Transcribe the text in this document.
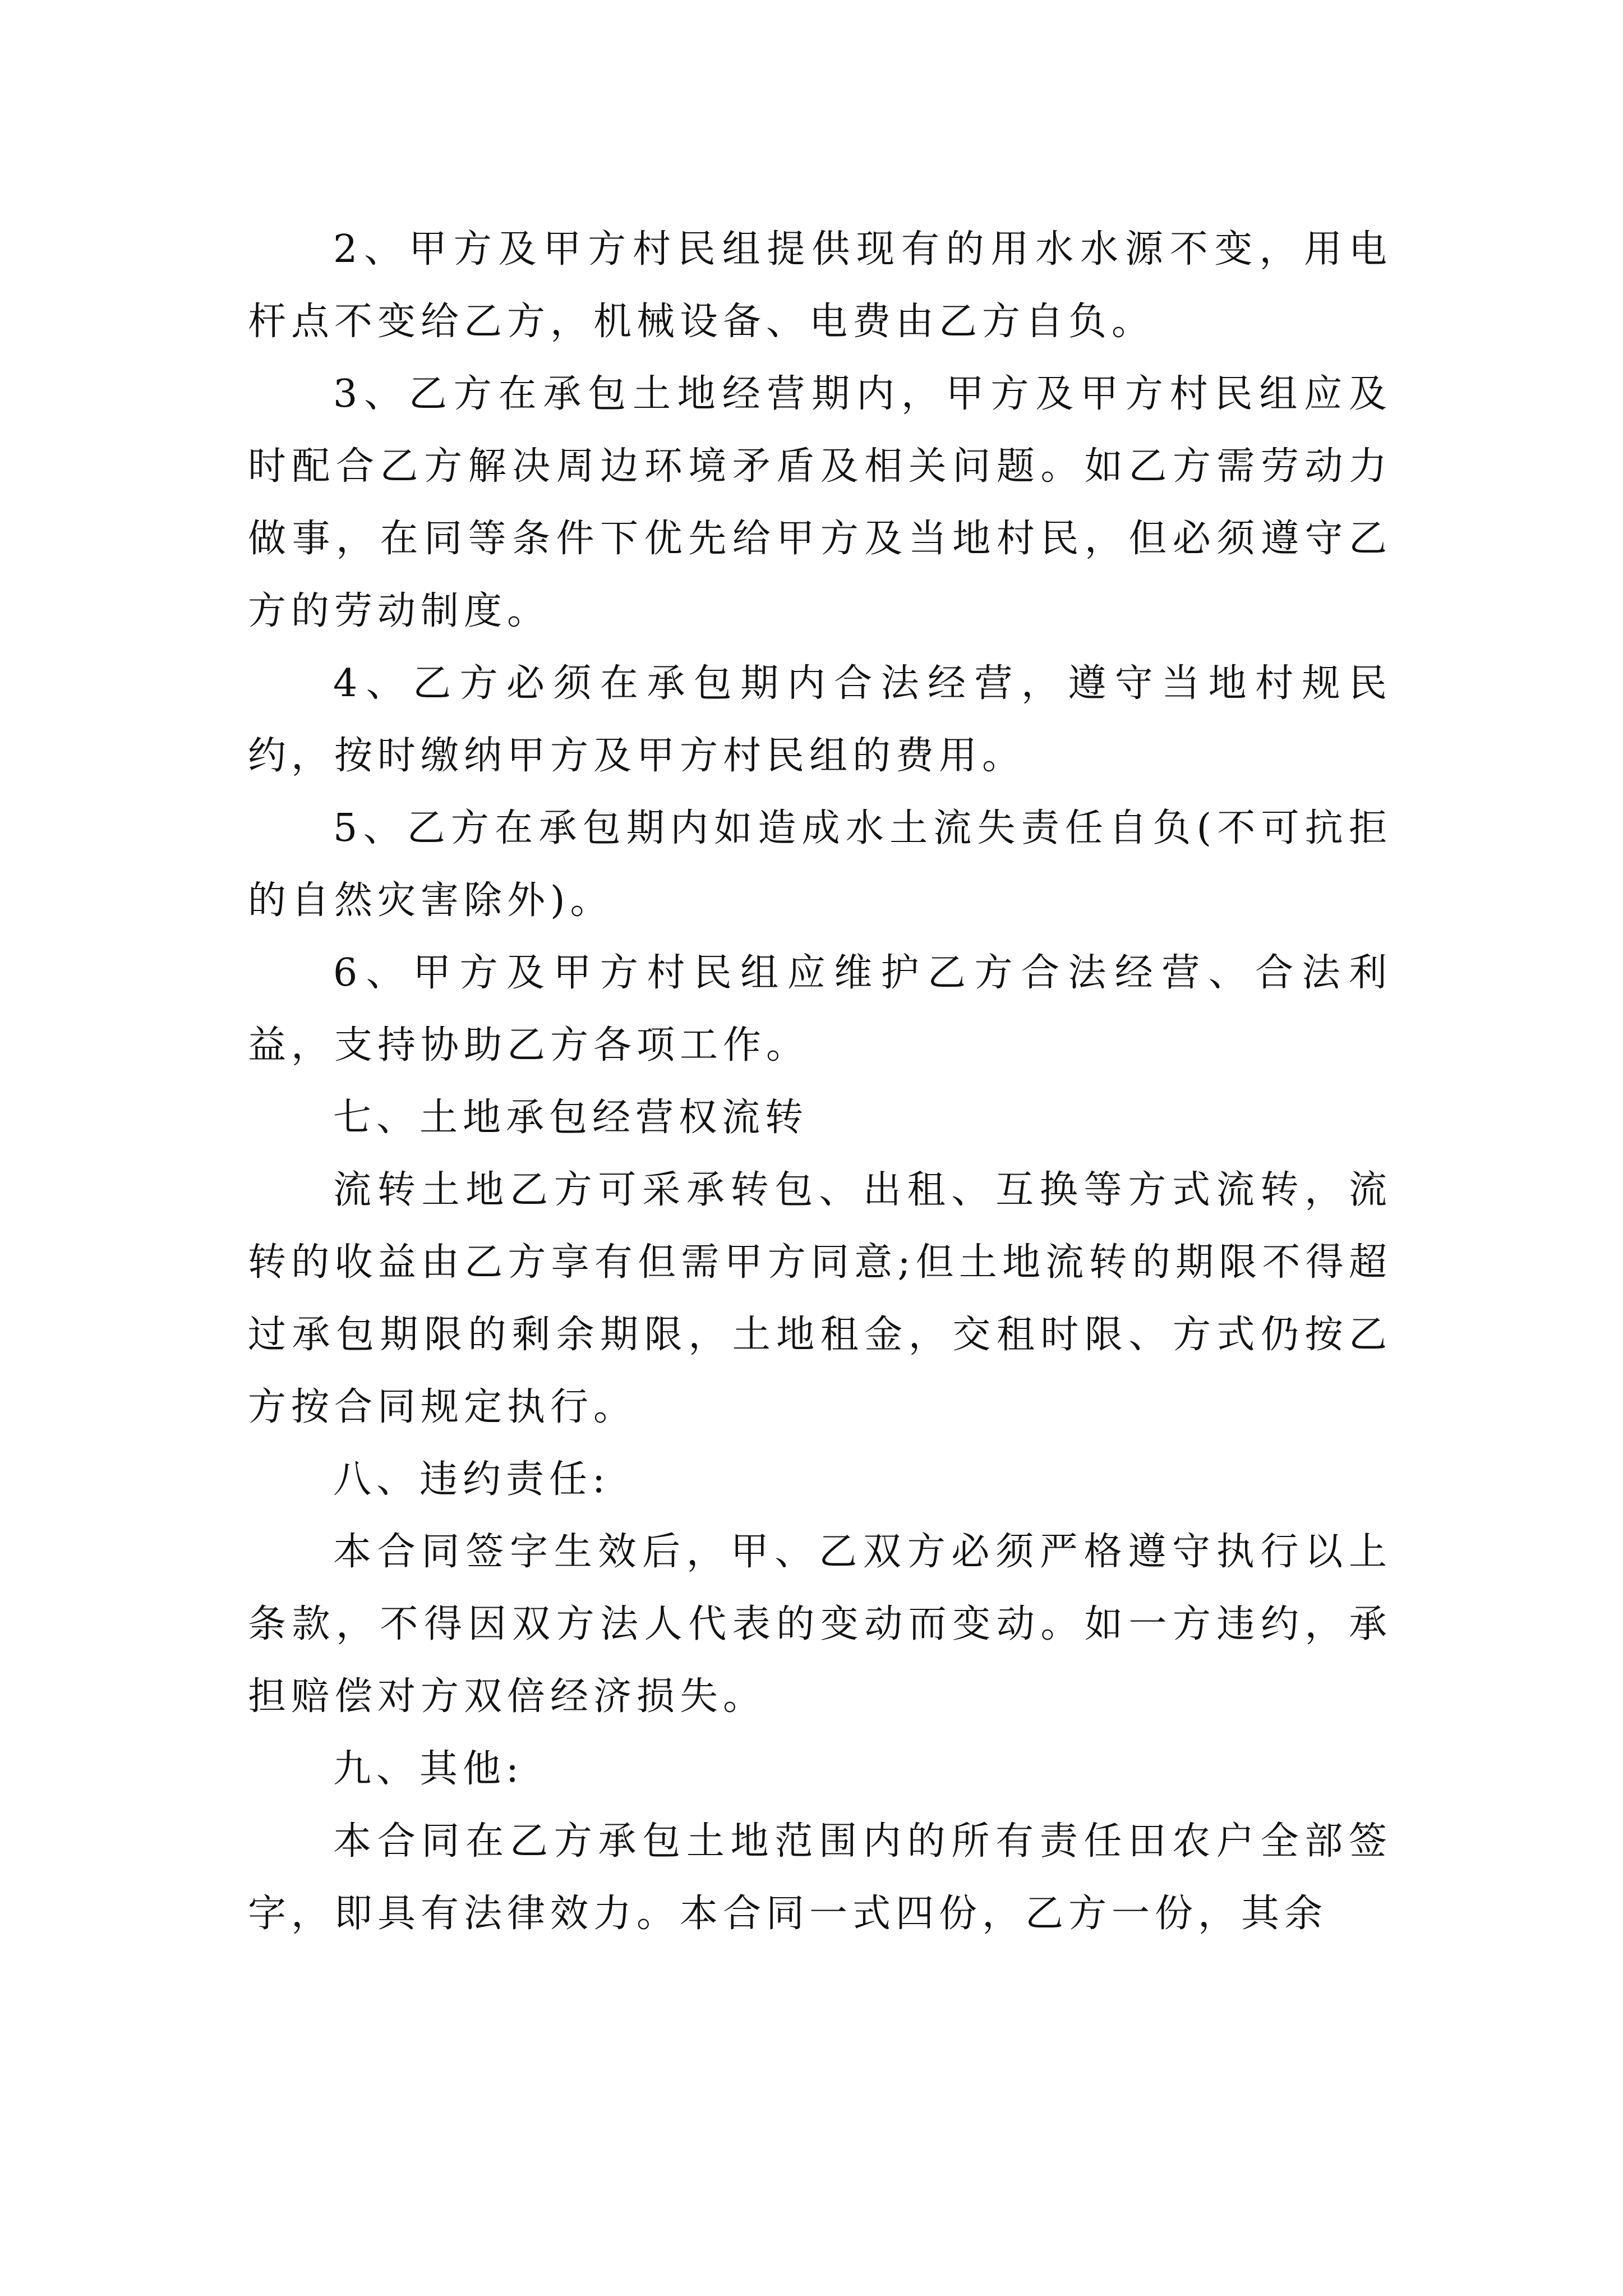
2、甲方及甲方村民组提供现有的用水水源不变，用电杆点不变给乙方，机械设备、电费由乙方自负。

3、乙方在承包土地经营期内，甲方及甲方村民组应及时配合乙方解决周边环境矛盾及相关问题。如乙方需劳动力做事，在同等条件下优先给甲方及当地村民，但必须遵守乙方的劳动制度。

4、乙方必须在承包期内合法经营，遵守当地村规民约，按时缴纳甲方及甲方村民组的费用。

5、乙方在承包期内如造成水土流失责任自负(不可抗拒的自然灾害除外)。

6、甲方及甲方村民组应维护乙方合法经营、合法利益，支持协助乙方各项工作。

七、土地承包经营权流转

流转土地乙方可采承转包、出租、互换等方式流转，流转的收益由乙方享有但需甲方同意;但土地流转的期限不得超过承包期限的剩余期限，土地租金，交租时限、方式仍按乙方按合同规定执行。

八、违约责任:

本合同签字生效后，甲、乙双方必须严格遵守执行以上条款，不得因双方法人代表的变动而变动。如一方违约，承担赔偿对方双倍经济损失。

九、其他:

本合同在乙方承包土地范围内的所有责任田农户全部签字，即具有法律效力。本合同一式四份，乙方一份，其余
